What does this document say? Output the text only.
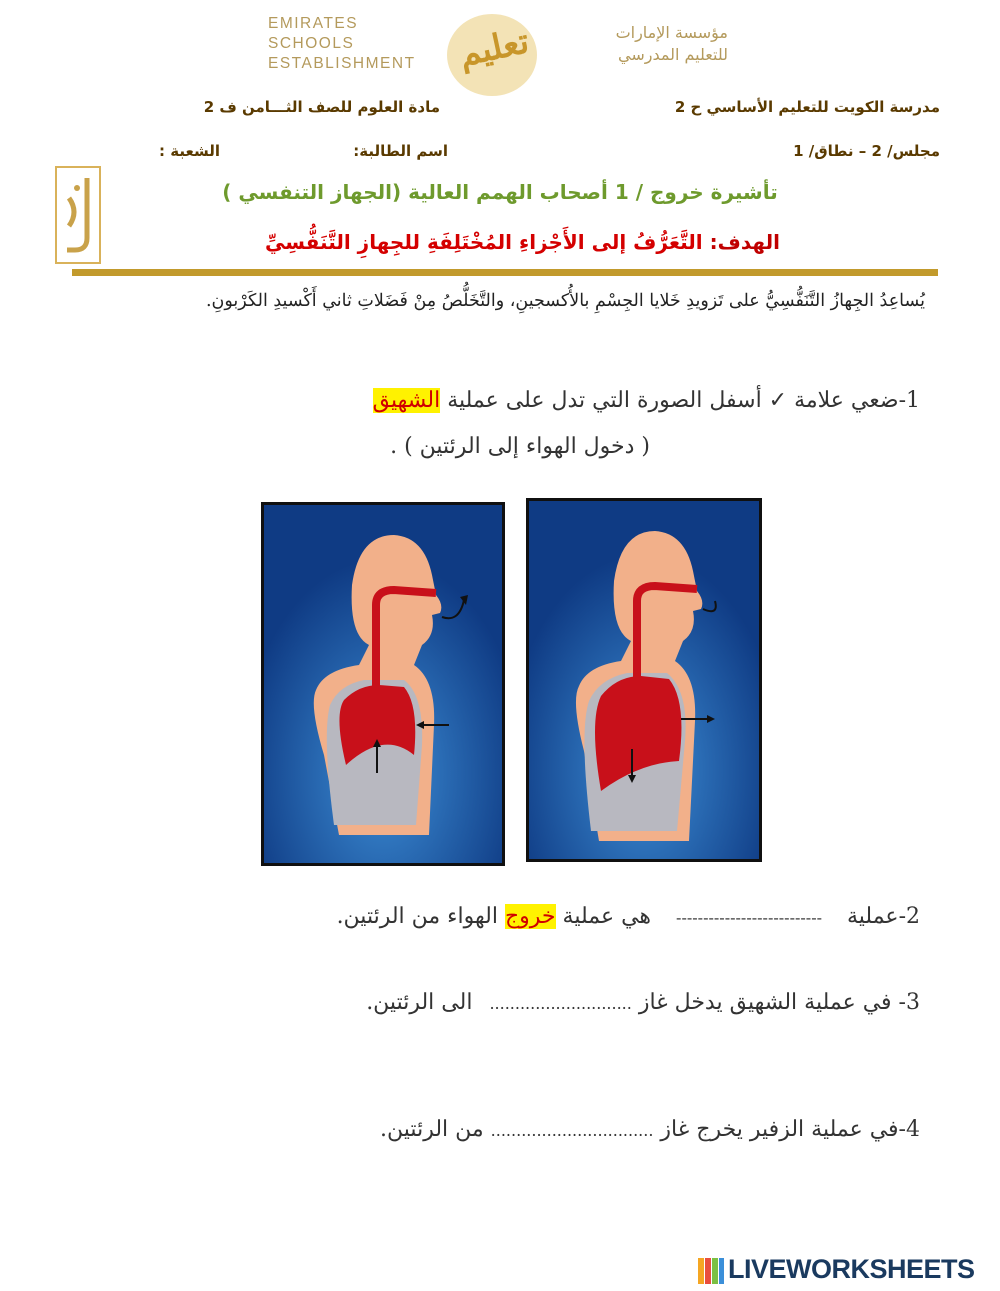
EMIRATES SCHOOLS
ESTABLISHMENT	تعليم	مؤسسة الإمارات
للتعليم المدرسي
مدرسة الكويت للتعليم الأساسي ح 2
مادة العلوم للصف الثـــامن ف 2
مجلس/ 2 – نطاق/ 1
اسم الطالبة:
الشعبة :
تأشيرة خروج / 1 أصحاب الهمم العالية (الجهاز التنفسي )
الهدف: التَّعَرُّفُ إلى الأَجْزاءِ المُخْتَلِفَةِ للجِهازِ التَّنَفُّسِيِّ
يُساعِدُ الجِهازُ التَّنَفُّسِيُّ على تَزويدِ خَلايا الجِسْمِ بالأُكسجينِ، والتَّخَلُّصُ مِنْ فَضَلاتِ ثاني أَكْسيدِ الكَرْبونِ.
1-ضعي علامة ✓ أسفل الصورة التي تدل على عملية الشهيق
( دخول الهواء إلى الرئتين ) .
2-عملية --------------------------- هي عملية خروج الهواء من الرئتين.
3- في عملية الشهيق يدخل غاز ............................ الى الرئتين.
4-في عملية الزفير يخرج غاز ................................ من الرئتين.
LIVEWORKSHEETS
